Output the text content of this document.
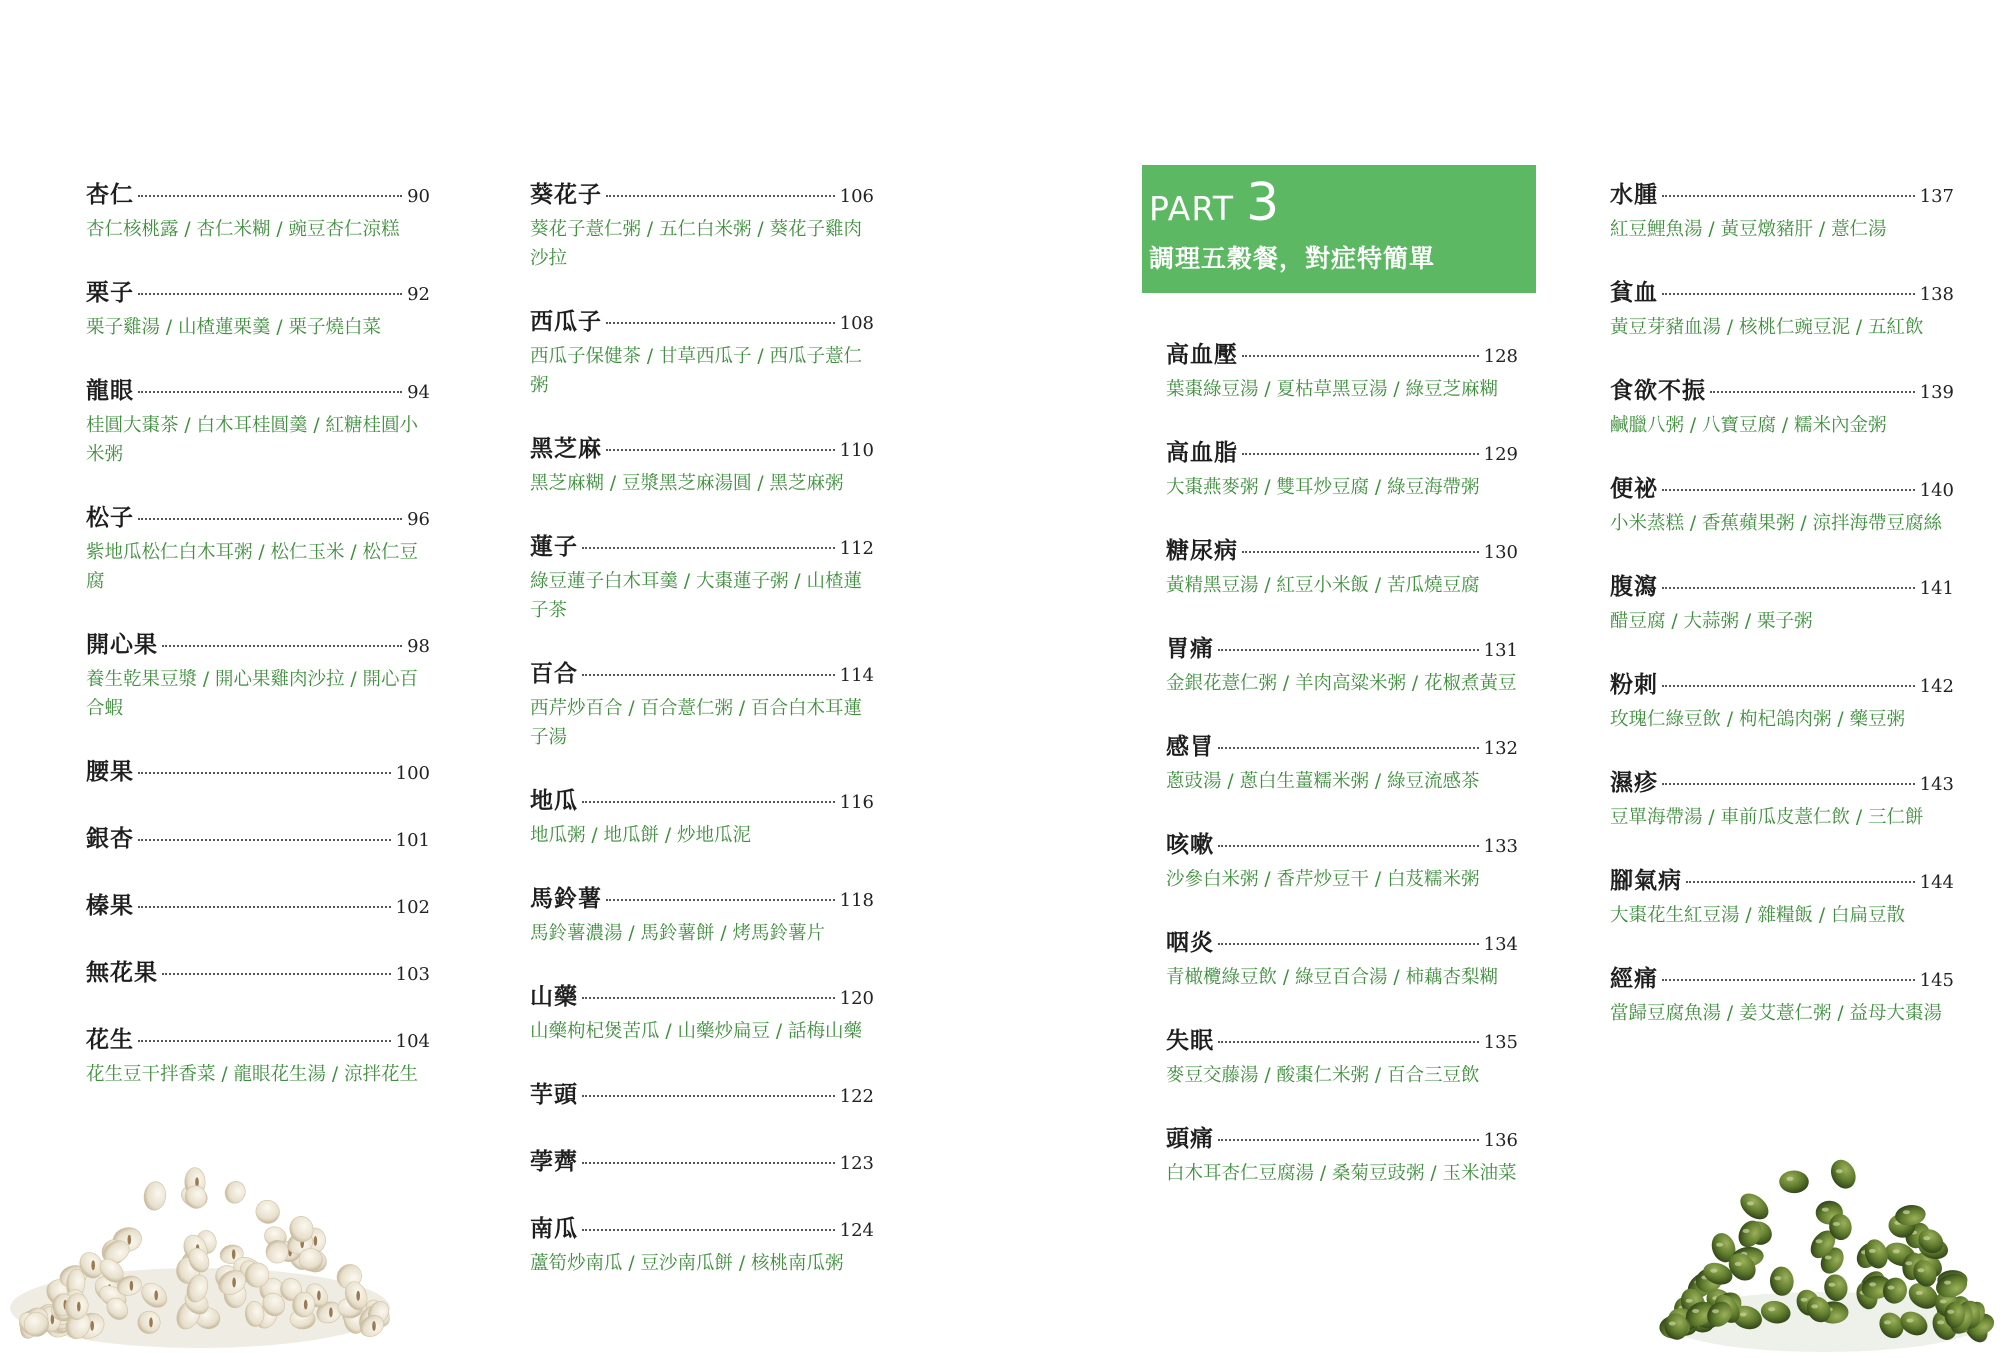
杏仁	90
杏仁核桃露 / 杏仁米糊 / 豌豆杏仁涼糕
栗子	92
栗子雞湯 / 山楂蓮栗羹 / 栗子燒白菜
龍眼	94
桂圓大棗茶 / 白木耳桂圓羹 / 紅糖桂圓小米粥
松子	96
紫地瓜松仁白木耳粥 / 松仁玉米 / 松仁豆腐
開心果	98
養生乾果豆漿 / 開心果雞肉沙拉 / 開心百合蝦
腰果	100
銀杏	101
榛果	102
無花果	103
花生	104
花生豆干拌香菜 / 龍眼花生湯 / 涼拌花生
葵花子	106
葵花子薏仁粥 / 五仁白米粥 / 葵花子雞肉沙拉
西瓜子	108
西瓜子保健茶 / 甘草西瓜子 / 西瓜子薏仁粥
黑芝麻	110
黑芝麻糊 / 豆漿黑芝麻湯圓 / 黑芝麻粥
蓮子	112
綠豆蓮子白木耳羹 / 大棗蓮子粥 / 山楂蓮子茶
百合	114
西芹炒百合 / 百合薏仁粥 / 百合白木耳蓮子湯
地瓜	116
地瓜粥 / 地瓜餅 / 炒地瓜泥
馬鈴薯	118
馬鈴薯濃湯 / 馬鈴薯餅 / 烤馬鈴薯片
山藥	120
山藥枸杞煲苦瓜 / 山藥炒扁豆 / 話梅山藥
芋頭	122
荸薺	123
南瓜	124
蘆筍炒南瓜 / 豆沙南瓜餅 / 核桃南瓜粥
PART 3
調理五穀餐，對症特簡單
高血壓	128
葉棗綠豆湯 / 夏枯草黑豆湯 / 綠豆芝麻糊
高血脂	129
大棗燕麥粥 / 雙耳炒豆腐 / 綠豆海帶粥
糖尿病	130
黃精黑豆湯 / 紅豆小米飯 / 苦瓜燒豆腐
胃痛	131
金銀花薏仁粥 / 羊肉高粱米粥 / 花椒煮黃豆
感冒	132
蔥豉湯 / 蔥白生薑糯米粥 / 綠豆流感茶
咳嗽	133
沙參白米粥 / 香芹炒豆干 / 白芨糯米粥
咽炎	134
青橄欖綠豆飲 / 綠豆百合湯 / 柿藕杏梨糊
失眠	135
麥豆交藤湯 / 酸棗仁米粥 / 百合三豆飲
頭痛	136
白木耳杏仁豆腐湯 / 桑菊豆豉粥 / 玉米油菜
水腫	137
紅豆鯉魚湯 / 黃豆燉豬肝 / 薏仁湯
貧血	138
黃豆芽豬血湯 / 核桃仁豌豆泥 / 五紅飲
食欲不振	139
鹹臘八粥 / 八寶豆腐 / 糯米內金粥
便祕	140
小米蒸糕 / 香蕉蘋果粥 / 涼拌海帶豆腐絲
腹瀉	141
醋豆腐 / 大蒜粥 / 栗子粥
粉刺	142
玫瑰仁綠豆飲 / 枸杞鴿肉粥 / 藥豆粥
濕疹	143
豆單海帶湯 / 車前瓜皮薏仁飲 / 三仁餅
腳氣病	144
大棗花生紅豆湯 / 雜糧飯 / 白扁豆散
經痛	145
當歸豆腐魚湯 / 姜艾薏仁粥 / 益母大棗湯
